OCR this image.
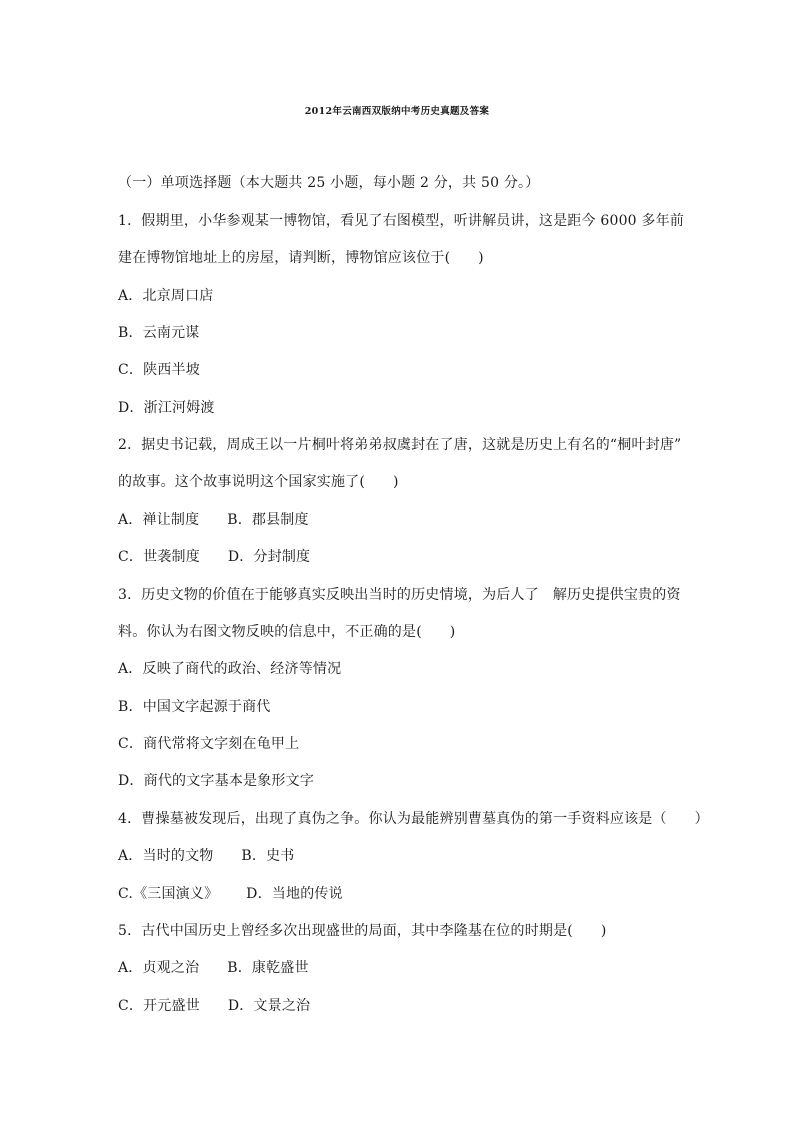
2012年云南西双版纳中考历史真题及答案
（一）单项选择题（本大题共 25 小题，每小题 2 分，共 50 分。）
1．假期里，小华参观某一博物馆，看见了右图模型，听讲解员讲，这是距今 6000 多年前
建在博物馆地址上的房屋，请判断，博物馆应该位于(      )
A．北京周口店
B．云南元谋
C．陕西半坡
D．浙江河姆渡
2．据史书记载，周成王以一片桐叶将弟弟叔虞封在了唐，这就是历史上有名的“桐叶封唐”
的故事。这个故事说明这个国家实施了(      )
A．禅让制度      B．郡县制度
C．世袭制度      D．分封制度
3．历史文物的价值在于能够真实反映出当时的历史情境，为后人了   解历史提供宝贵的资
料。你认为右图文物反映的信息中，不正确的是(      )
A．反映了商代的政治、经济等情况
B．中国文字起源于商代
C．商代常将文字刻在龟甲上
D．商代的文字基本是象形文字
4．曹操墓被发现后，出现了真伪之争。你认为最能辨别曹墓真伪的第一手资料应该是（      ）
A．当时的文物      B．史书
C.《三国演义》      D．当地的传说
5．古代中国历史上曾经多次出现盛世的局面，其中李隆基在位的时期是(      )
A．贞观之治      B．康乾盛世
C．开元盛世      D．文景之治
